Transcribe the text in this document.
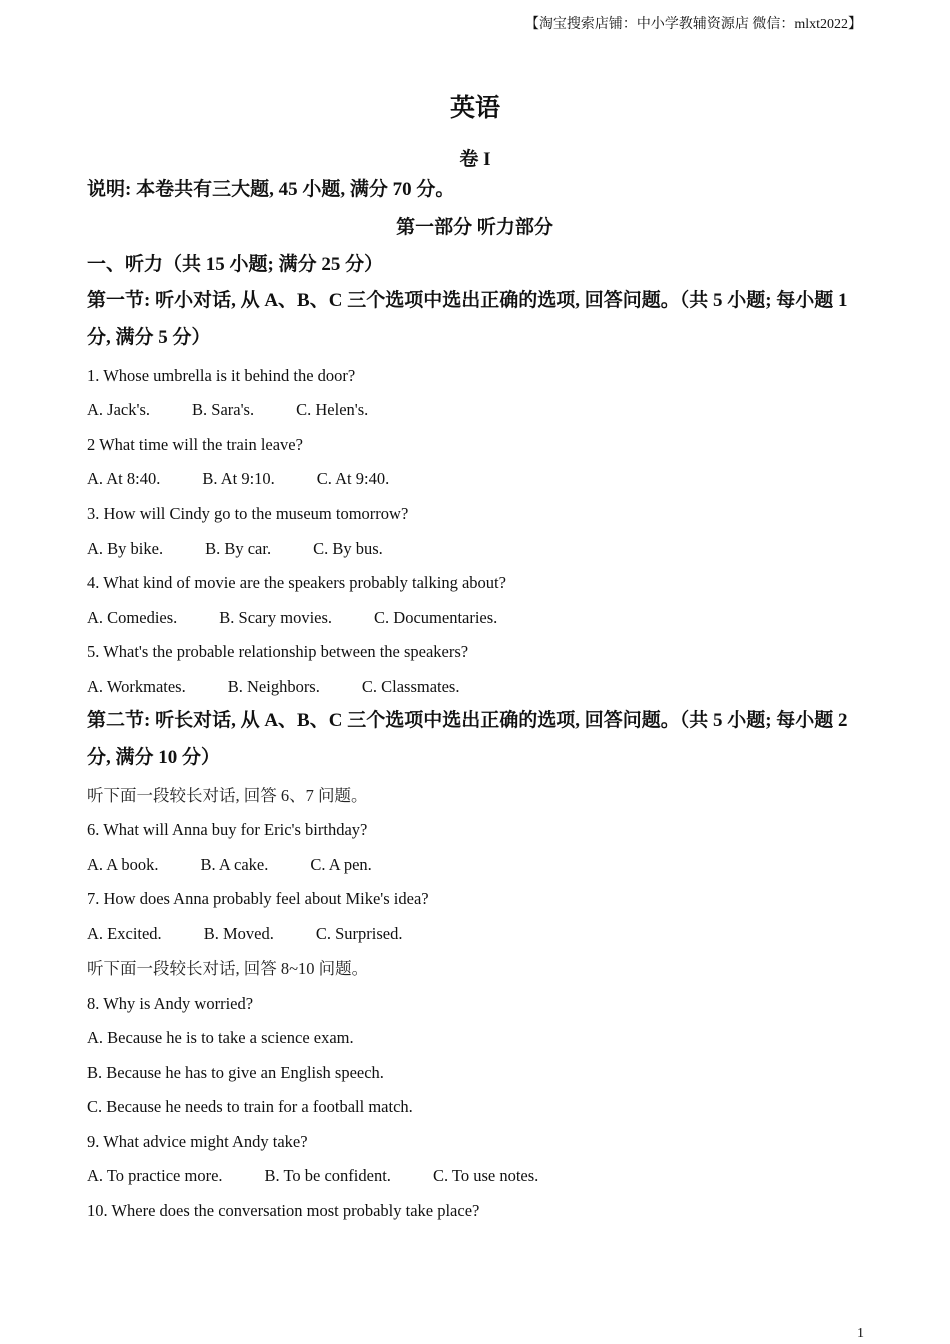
【淘宝搜索店铺：中小学教辅资源店 微信：mlxt2022】
英语
卷 I
说明: 本卷共有三大题, 45 小题, 满分 70 分。
第一部分 听力部分
一、听力（共 15 小题; 满分 25 分）
第一节: 听小对话, 从 A、B、C 三个选项中选出正确的选项, 回答问题。（共 5 小题; 每小题 1
分, 满分 5 分）
1. Whose umbrella is it behind the door?
A. Jack's.	B. Sara's.	C. Helen's.
2 What time will the train leave?
A. At 8:40.	B. At 9:10.	C. At 9:40.
3. How will Cindy go to the museum tomorrow?
A. By bike.	B. By car.	C. By bus.
4. What kind of movie are the speakers probably talking about?
A. Comedies.	B. Scary movies.	C. Documentaries.
5. What's the probable relationship between the speakers?
A. Workmates.	B. Neighbors.	C. Classmates.
第二节: 听长对话, 从 A、B、C 三个选项中选出正确的选项, 回答问题。（共 5 小题; 每小题 2
分, 满分 10 分）
听下面一段较长对话, 回答 6、7 问题。
6. What will Anna buy for Eric's birthday?
A. A book.	B. A cake.	C. A pen.
7. How does Anna probably feel about Mike's idea?
A. Excited.	B. Moved.	C. Surprised.
听下面一段较长对话, 回答 8~10 问题。
8. Why is Andy worried?
A. Because he is to take a science exam.
B. Because he has to give an English speech.
C. Because he needs to train for a football match.
9. What advice might Andy take?
A. To practice more.	B. To be confident.	C. To use notes.
10. Where does the conversation most probably take place?
1
